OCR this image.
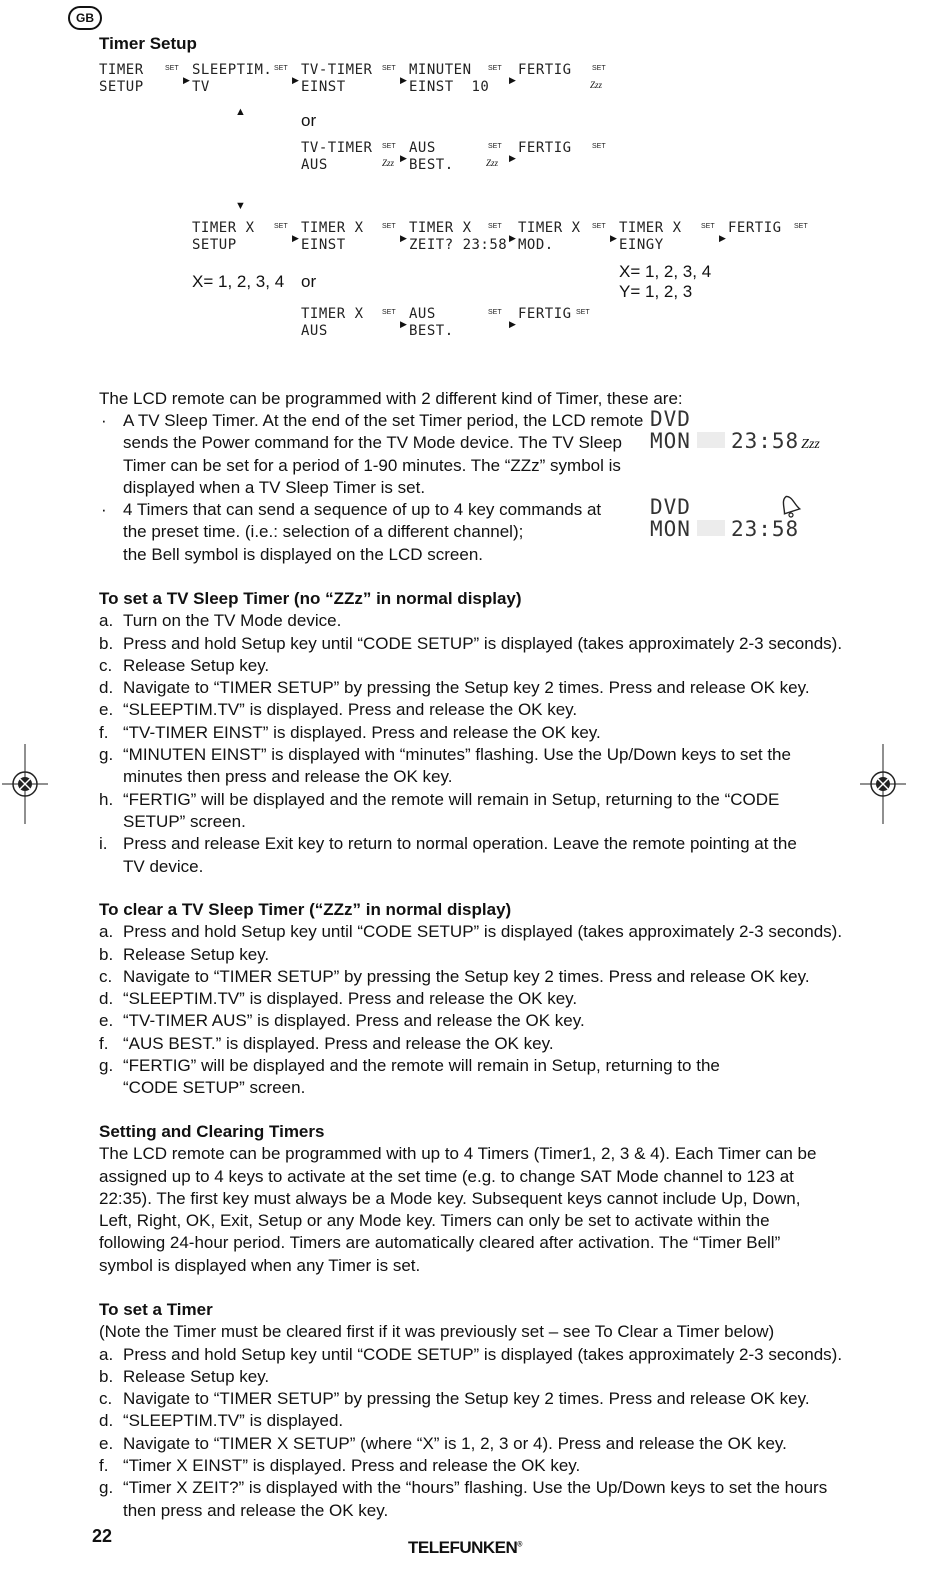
GB
Timer Setup
TIMER
SETUP
SET SLEEPTIM.
TV
SET
▶
TV-TIMER
EINST
SET
▶
MINUTEN
EINST  10
SET
▶
FERTIG	SET
▶	Zzz
TV-TIMER
AUS
SET AUS
BEST.
SET
▶
FERTIG	SET
▶
Zzz	Zzz
TIMER X
SETUP
SET TIMER X
EINST
SET
▶
TIMER X
ZEIT? 23:58
SET
▶
TIMER X
MOD.
SET
▶
TIMER X
EINGY
SET
▶
FERTIG SET
▶
TIMER X
AUS
SET AUS
BEST.
SET
▶
FERTIG SET
▶
or
X= 1, 2, 3, 4 or
X= 1, 2, 3, 4
Y= 1, 2, 3
▲
▼
The LCD remote can be programmed with 2 different kind of Timer, these are:
· A TV Sleep Timer. At the end of the set Timer period, the LCD remote
sends the Power command for the TV Mode device. The TV Sleep
Timer can be set for a period of 1-90 minutes. The “ZZz” symbol is
displayed when a TV Sleep Timer is set.
· 4 Timers that can send a sequence of up to 4 key commands at
the preset time. (i.e.: selection of a different channel);
the Bell symbol is displayed on the LCD screen.
DVD
MON 23:58 Zzz
DVD
MON 23:58
To set a TV Sleep Timer (no “ZZz” in normal display)
a. Turn on the TV Mode device.
b. Press and hold Setup key until “CODE SETUP” is displayed (takes approximately 2-3 seconds).
c. Release Setup key.
d. Navigate to “TIMER SETUP” by pressing the Setup key 2 times. Press and release OK key.
e. “SLEEPTIM.TV” is displayed. Press and release the OK key.
f. “TV-TIMER EINST” is displayed. Press and release the OK key.
g. “MINUTEN EINST” is displayed with “minutes” flashing. Use the Up/Down keys to set the
minutes then press and release the OK key.
h. “FERTIG” will be displayed and the remote will remain in Setup, returning to the “CODE
SETUP” screen.
i. Press and release Exit key to return to normal operation. Leave the remote pointing at the
TV device.
To clear a TV Sleep Timer (“ZZz” in normal display)
a. Press and hold Setup key until “CODE SETUP” is displayed (takes approximately 2-3 seconds).
b. Release Setup key.
c. Navigate to “TIMER SETUP” by pressing the Setup key 2 times. Press and release OK key.
d. “SLEEPTIM.TV” is displayed. Press and release the OK key.
e. “TV-TIMER AUS” is displayed. Press and release the OK key.
f. “AUS BEST.” is displayed. Press and release the OK key.
g. “FERTIG” will be displayed and the remote will remain in Setup, returning to the
“CODE SETUP” screen.
Setting and Clearing Timers
The LCD remote can be programmed with up to 4 Timers (Timer1, 2, 3 & 4). Each Timer can be
assigned up to 4 keys to activate at the set time (e.g. to change SAT Mode channel to 123 at
22:35). The first key must always be a Mode key. Subsequent keys cannot include Up, Down,
Left, Right, OK, Exit, Setup or any Mode key. Timers can only be set to activate within the
following 24-hour period. Timers are automatically cleared after activation. The “Timer Bell”
symbol is displayed when any Timer is set.
To set a Timer
(Note the Timer must be cleared first if it was previously set – see To Clear a Timer below)
a. Press and hold Setup key until “CODE SETUP” is displayed (takes approximately 2-3 seconds).
b. Release Setup key.
c. Navigate to “TIMER SETUP” by pressing the Setup key 2 times. Press and release OK key.
d. “SLEEPTIM.TV” is displayed.
e. Navigate to “TIMER X SETUP” (where “X” is 1, 2, 3 or 4). Press and release the OK key.
f. “Timer X EINST” is displayed. Press and release the OK key.
g. “Timer X ZEIT?” is displayed with the “hours” flashing. Use the Up/Down keys to set the hours
then press and release the OK key.
22
TELEFUNKEN®
